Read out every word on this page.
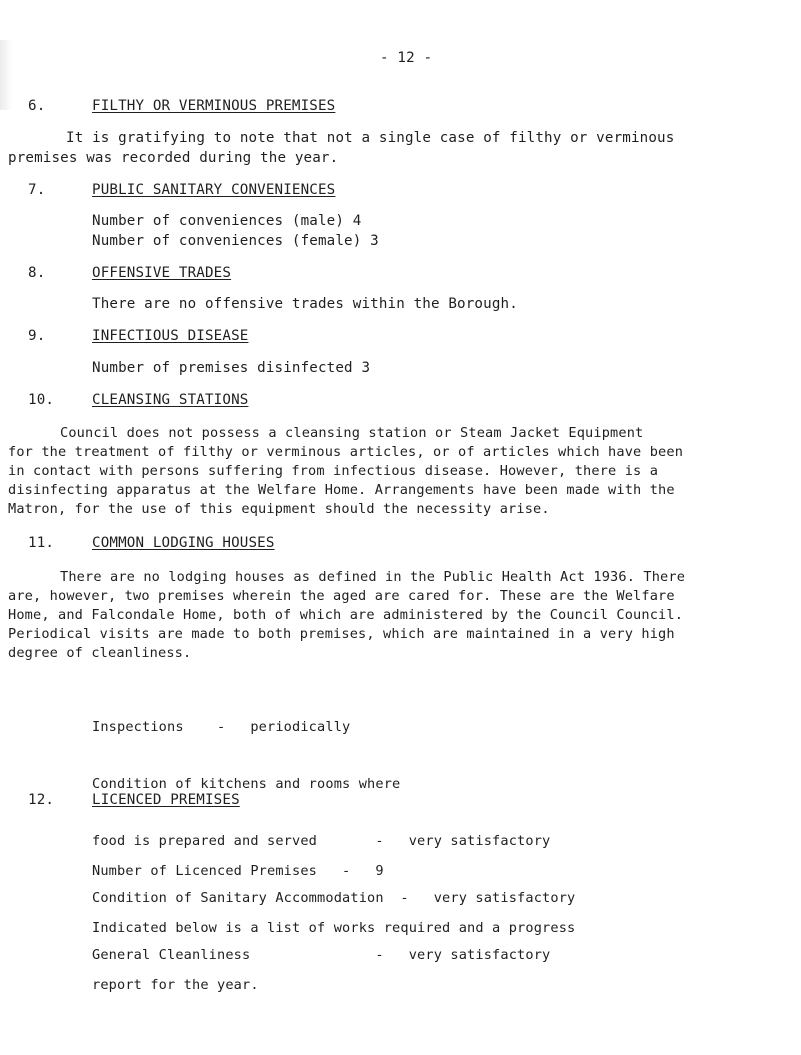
- 12 -
6.	FILTHY OR VERMINOUS PREMISES
It is gratifying to note that not a single case of filthy or verminous
premises was recorded during the year.
7.	PUBLIC SANITARY CONVENIENCES
Number of conveniences (male) 4
Number of conveniences (female) 3
8.	OFFENSIVE TRADES
There are no offensive trades within the Borough.
9.	INFECTIOUS DISEASE
Number of premises disinfected 3
10.	CLEANSING STATIONS
Council does not possess a cleansing station or Steam Jacket Equipment
for the treatment of filthy or verminous articles, or of articles which have been
in contact with persons suffering from infectious disease. However, there is a
disinfecting apparatus at the Welfare Home. Arrangements have been made with the
Matron, for the use of this equipment should the necessity arise.
11.	COMMON LODGING HOUSES
There are no lodging houses as defined in the Public Health Act 1936. There
are, however, two premises wherein the aged are cared for. These are the Welfare
Home, and Falcondale Home, both of which are administered by the Council Council.
Periodical visits are made to both premises, which are maintained in a very high
degree of cleanliness.

Inspections    -   periodically

Condition of kitchens and rooms where

food is prepared and served       -   very satisfactory

Condition of Sanitary Accommodation  -   very satisfactory

General Cleanliness               -   very satisfactory

12.	LICENCED PREMISES

Number of Licenced Premises   -   9

Indicated below is a list of works required and a progress

report for the year.
